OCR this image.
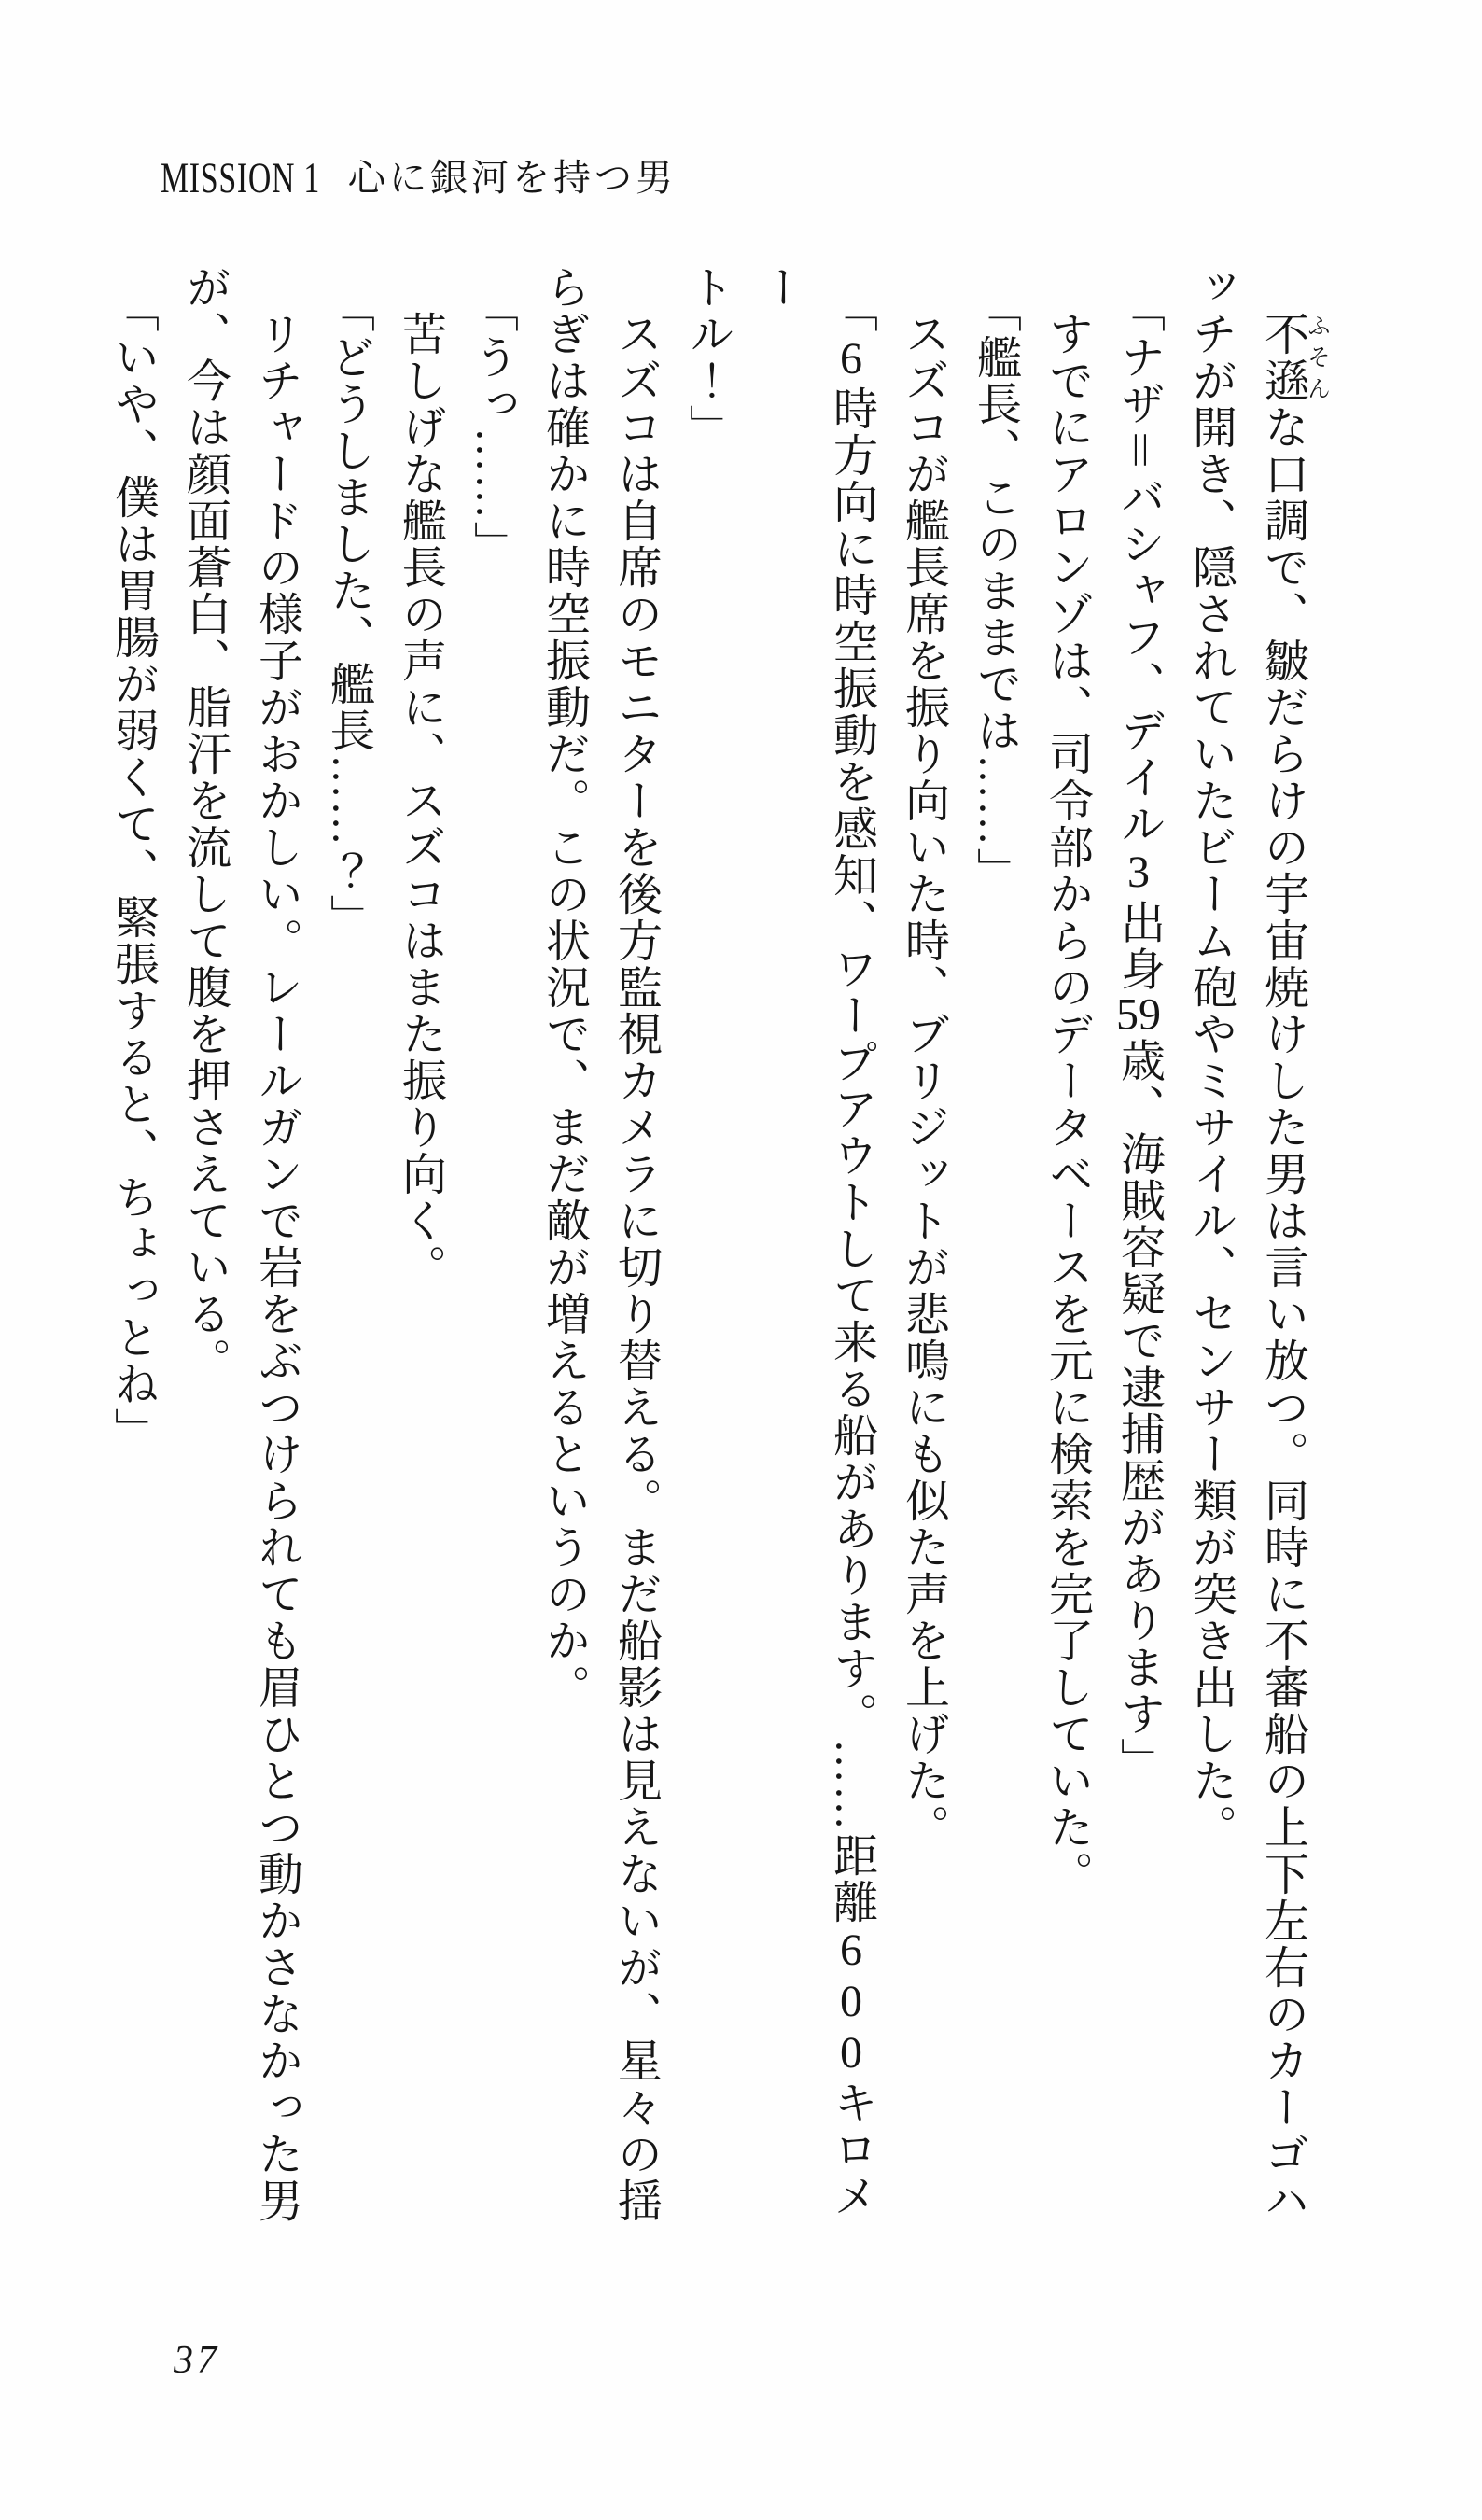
MISSION 1 心に銀河を持つ男

不遜ふそんな口調で、皺だらけの宇宙焼けした男は言い放つ。同時に不審船の上下左右のカーゴハ

ッチが開き、隠されていたビーム砲やミサイル、センサー類が突き出した。

「ナザ＝バシャフ、デイル3出身59歳、海賊容疑で逮捕歴があります」

すでにアロンゾは、司令部からのデータベースを元に検索を完了していた。

「艦長、このままでは……」

スズコが艦長席を振り向いた時、ブリジットが悲鳴にも似た声を上げた。

「6時方向に時空振動を感知、ワープアウトして来る船があります。……距離600キロメー

トル！」

スズコは自席のモニターを後方監視カメラに切り替える。まだ船影は見えないが、星々の揺

らぎは確かに時空振動だ。この状況で、まだ敵が増えるというのか。

「うっ……」

苦しげな艦長の声に、スズコはまた振り向く。

「どうしました、艦長……？」

リチャードの様子がおかしい。レールガンで岩をぶつけられても眉ひとつ動かさなかった男

が、今は顔面蒼白、脂汗を流して腹を押さえている。

「いや、僕は胃腸が弱くて、緊張すると、ちょっとね」

37
